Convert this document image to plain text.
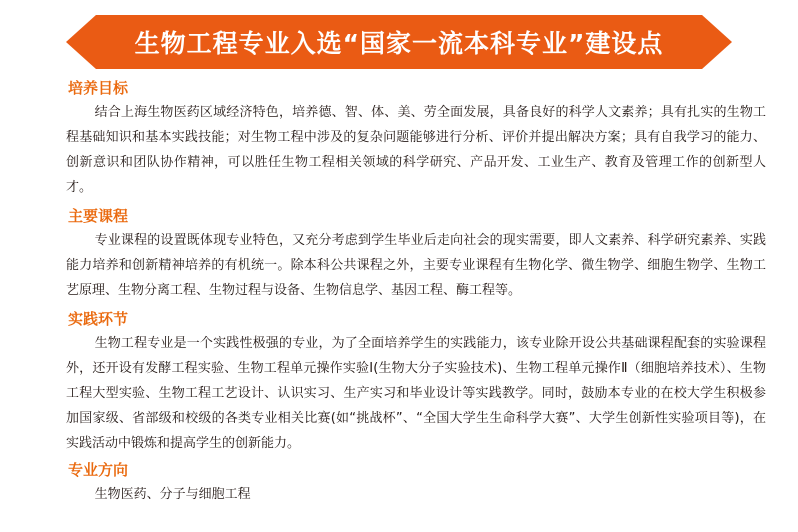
生物工程专业入选“国家一流本科专业”建设点
培养目标

结合上海生物医药区域经济特色，培养德、智、体、美、劳全面发展，具备良好的科学人文素养；具有扎实的生物工程基础知识和基本实践技能；对生物工程中涉及的复杂问题能够进行分析、评价并提出解决方案；具有自我学习的能力、创新意识和团队协作精神，可以胜任生物工程相关领域的科学研究、产品开发、工业生产、教育及管理工作的创新型人才。

主要课程

专业课程的设置既体现专业特色，又充分考虑到学生毕业后走向社会的现实需要，即人文素养、科学研究素养、实践能力培养和创新精神培养的有机统一。除本科公共课程之外，主要专业课程有生物化学、微生物学、细胞生物学、生物工艺原理、生物分离工程、生物过程与设备、生物信息学、基因工程、酶工程等。

实践环节

生物工程专业是一个实践性极强的专业，为了全面培养学生的实践能力，该专业除开设公共基础课程配套的实验课程外，还开设有发酵工程实验、生物工程单元操作实验Ⅰ(生物大分子实验技术)、生物工程单元操作Ⅱ（细胞培养技术）、生物工程大型实验、生物工程工艺设计、认识实习、生产实习和毕业设计等实践教学。同时，鼓励本专业的在校大学生积极参加国家级、省部级和校级的各类专业相关比赛(如“挑战杯”、“全国大学生生命科学大赛”、大学生创新性实验项目等)，在实践活动中锻炼和提高学生的创新能力。

专业方向

生物医药、分子与细胞工程
